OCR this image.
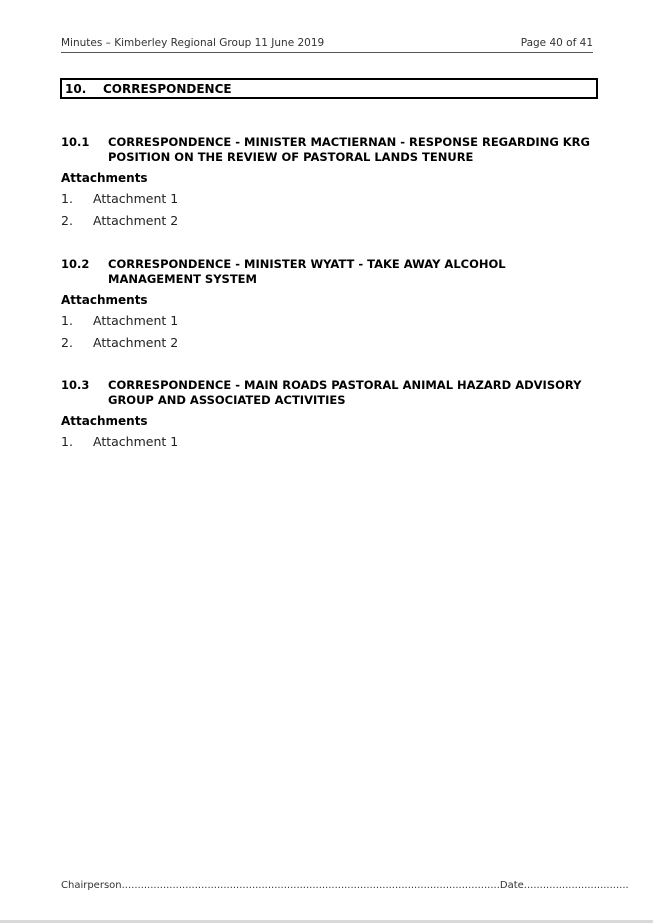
Minutes – Kimberley Regional Group 11 June 2019	Page 40 of 41
10. CORRESPONDENCE
10.1 CORRESPONDENCE - MINISTER MACTIERNAN - RESPONSE REGARDING KRG POSITION ON THE REVIEW OF PASTORAL LANDS TENURE
Attachments
1. Attachment 1
2. Attachment 2
10.2 CORRESPONDENCE - MINISTER WYATT - TAKE AWAY ALCOHOL MANAGEMENT SYSTEM
Attachments
1. Attachment 1
2. Attachment 2
10.3 CORRESPONDENCE - MAIN ROADS PASTORAL ANIMAL HAZARD ADVISORY GROUP AND ASSOCIATED ACTIVITIES
Attachments
1. Attachment 1
Chairperson.......................................................................................................................Date.................................
